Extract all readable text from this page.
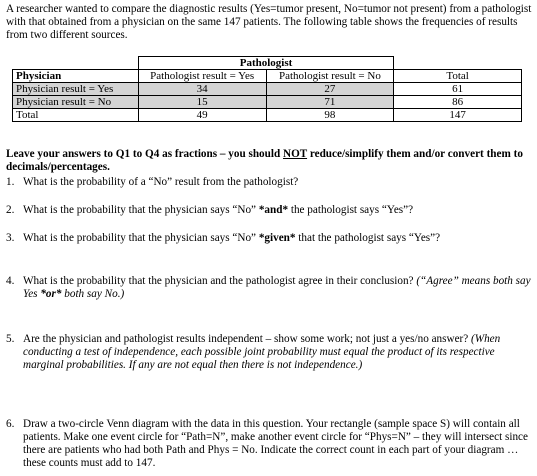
A researcher wanted to compare the diagnostic results (Yes=tumor present, No=tumor not present) from a pathologist with that obtained from a physician on the same 147 patients. The following table shows the frequencies of results from two different sources.
	Pathologist		
Physician	Pathologist result = Yes	Pathologist result = No	Total
Physician result = Yes	34	27	61
Physician result = No	15	71	86
Total	49	98	147
Leave your answers to Q1 to Q4 as fractions – you should NOT reduce/simplify them and/or convert them to decimals/percentages.
1. What is the probability of a “No” result from the pathologist?
2. What is the probability that the physician says “No” *and* the pathologist says “Yes”?
3. What is the probability that the physician says “No” *given* that the pathologist says “Yes”?
4. What is the probability that the physician and the pathologist agree in their conclusion? (“Agree” means both say Yes *or* both say No.)
5. Are the physician and pathologist results independent – show some work; not just a yes/no answer? (When conducting a test of independence, each possible joint probability must equal the product of its respective marginal probabilities. If any are not equal then there is not independence.)
6. Draw a two-circle Venn diagram with the data in this question. Your rectangle (sample space S) will contain all patients. Make one event circle for “Path=N”, make another event circle for “Phys=N” – they will intersect since there are patients who had both Path and Phys = No. Indicate the correct count in each part of your diagram … these counts must add to 147.
